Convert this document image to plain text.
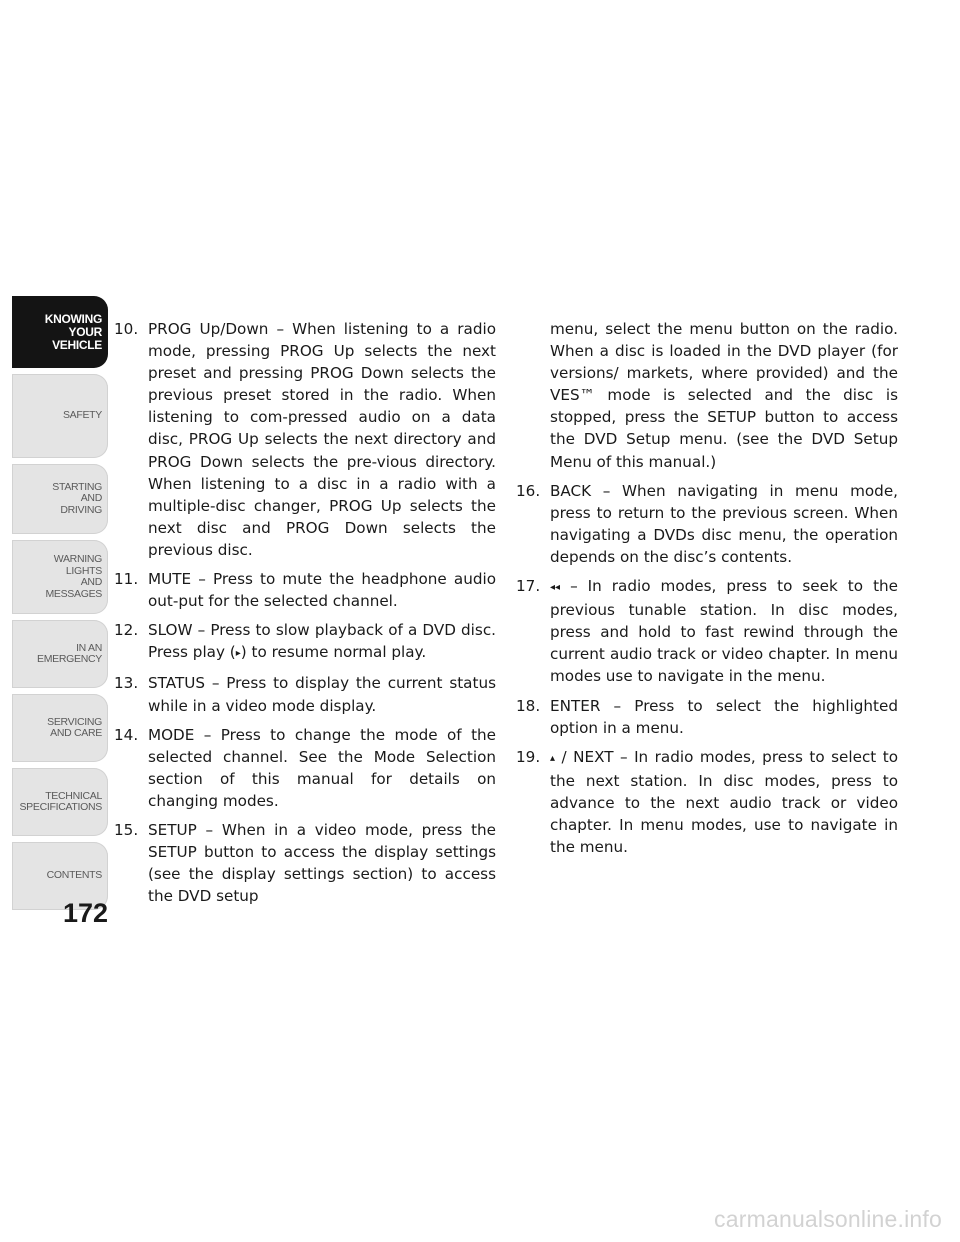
KNOWING
YOUR
VEHICLE
SAFETY
STARTING
AND
DRIVING
WARNING
LIGHTS
AND
MESSAGES
IN AN
EMERGENCY
SERVICING
AND CARE
TECHNICAL
SPECIFICATIONS
CONTENTS
172

10. PROG Up/Down – When listening to a radio mode, pressing PROG Up selects the next preset and pressing PROG Down selects the previous preset stored in the radio. When listening to com-pressed audio on a data disc, PROG Up selects the next directory and PROG Down selects the pre-vious directory. When listening to a disc in a radio with a multiple-disc changer, PROG Up selects the next disc and PROG Down selects the previous disc.

11. MUTE – Press to mute the headphone audio out-put for the selected channel.

12. SLOW – Press to slow playback of a DVD disc. Press play (▸) to resume normal play.

13. STATUS – Press to display the current status while in a video mode display.

14. MODE – Press to change the mode of the selected channel. See the Mode Selection section of this manual for details on changing modes.

15. SETUP – When in a video mode, press the SETUP button to access the display settings (see the display settings section) to access the DVD setup

menu, select the menu button on the radio. When a disc is loaded in the DVD player (for versions/ markets, where provided) and the VES™ mode is selected and the disc is stopped, press the SETUP button to access the DVD Setup menu. (see the DVD Setup Menu of this manual.)

16. BACK – When navigating in menu mode, press to return to the previous screen. When navigating a DVDs disc menu, the operation depends on the disc’s contents.

17. ◂◂ – In radio modes, press to seek to the previous tunable station. In disc modes, press and hold to fast rewind through the current audio track or video chapter. In menu modes use to navigate in the menu.

18. ENTER – Press to select the highlighted option in a menu.

19. ▴ / NEXT – In radio modes, press to select to the next station. In disc modes, press to advance to the next audio track or video chapter. In menu modes, use to navigate in the menu.

carmanualsonline.info
